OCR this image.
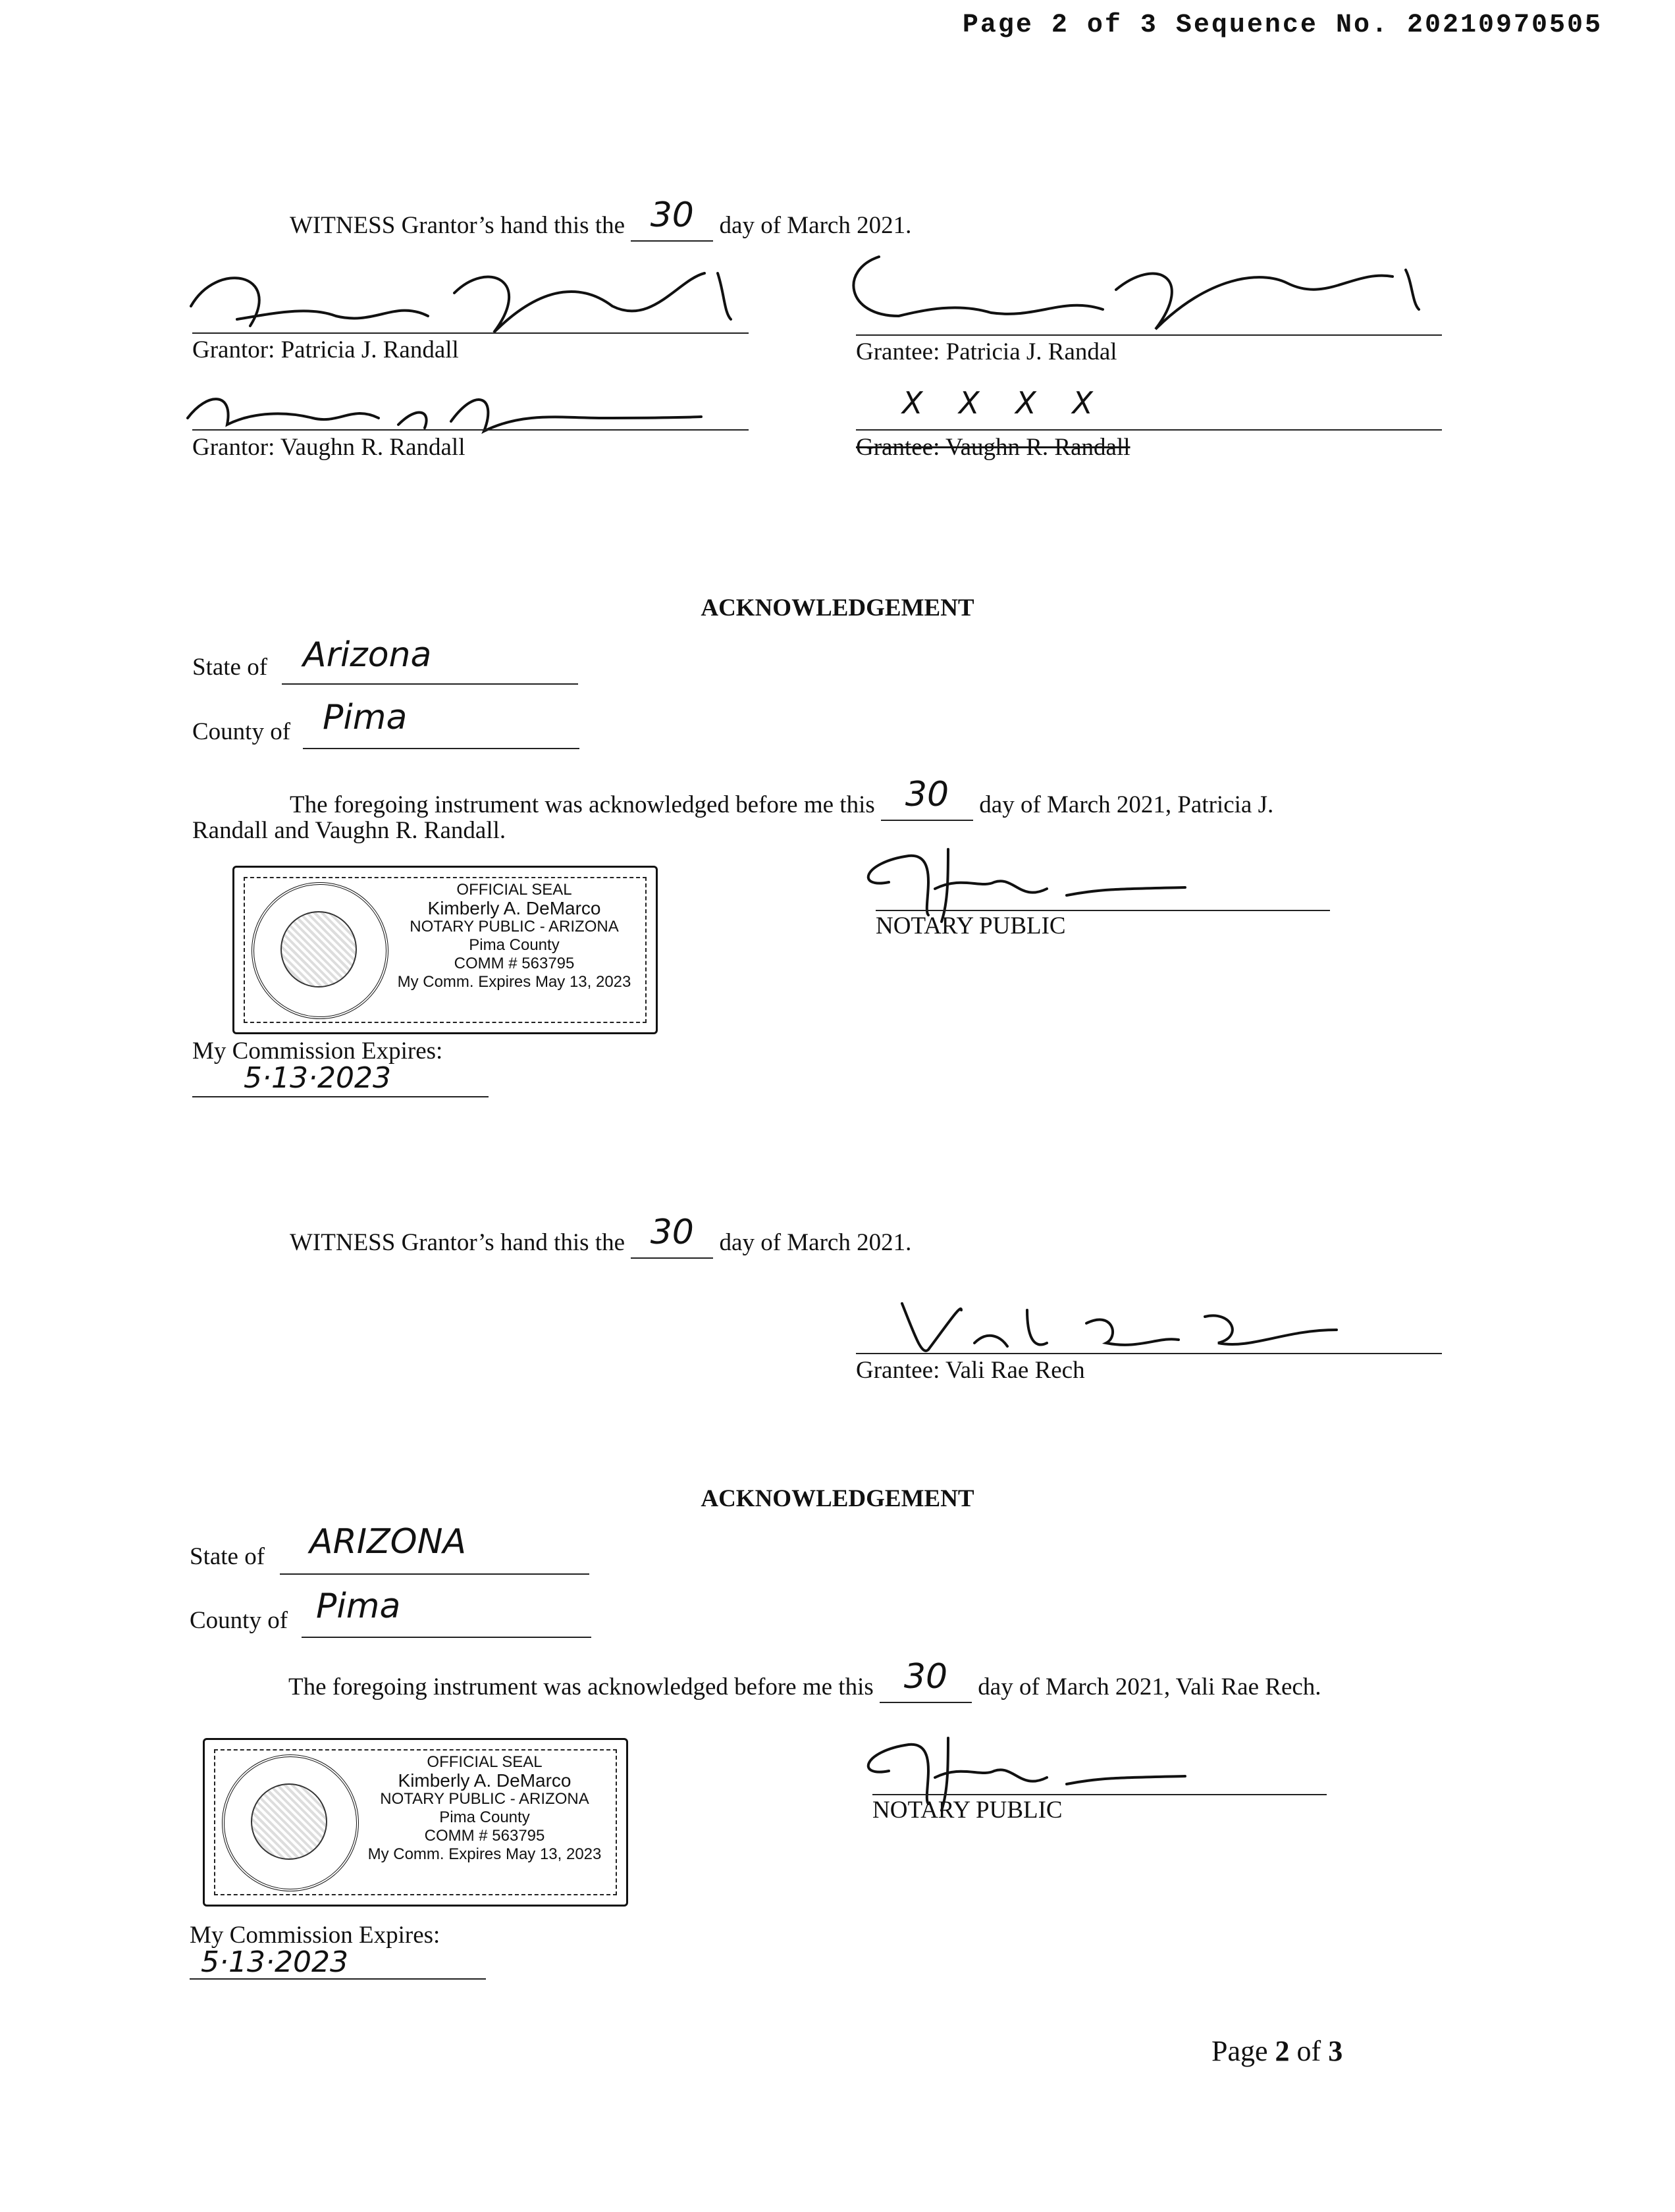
Page 2 of 3 Sequence No. 20210970505
WITNESS Grantor’s hand this the 30 day of March 2021.
Grantor: Patricia J. Randall	Grantee: Patricia J. Randal
Grantor: Vaughn R. Randall
X X X X
Grantee: Vaughn R. Randall
ACKNOWLEDGEMENT
State of Arizona
County of Pima
The foregoing instrument was acknowledged before me this 30 day of March 2021, Patricia J.
Randall and Vaughn R. Randall.
OFFICIAL SEAL
Kimberly A. DeMarco
NOTARY PUBLIC - ARIZONA
Pima County
COMM # 563795
My Comm. Expires May 13, 2023
NOTARY PUBLIC
My Commission Expires:
5·13·2023
WITNESS Grantor’s hand this the 30 day of March 2021.
Grantee: Vali Rae Rech
ACKNOWLEDGEMENT
State of ARIZONA
County of Pima
The foregoing instrument was acknowledged before me this 30 day of March 2021, Vali Rae Rech.
OFFICIAL SEAL
Kimberly A. DeMarco
NOTARY PUBLIC - ARIZONA
Pima County
COMM # 563795
My Comm. Expires May 13, 2023
NOTARY PUBLIC
My Commission Expires:
5·13·2023
Page 2 of 3
